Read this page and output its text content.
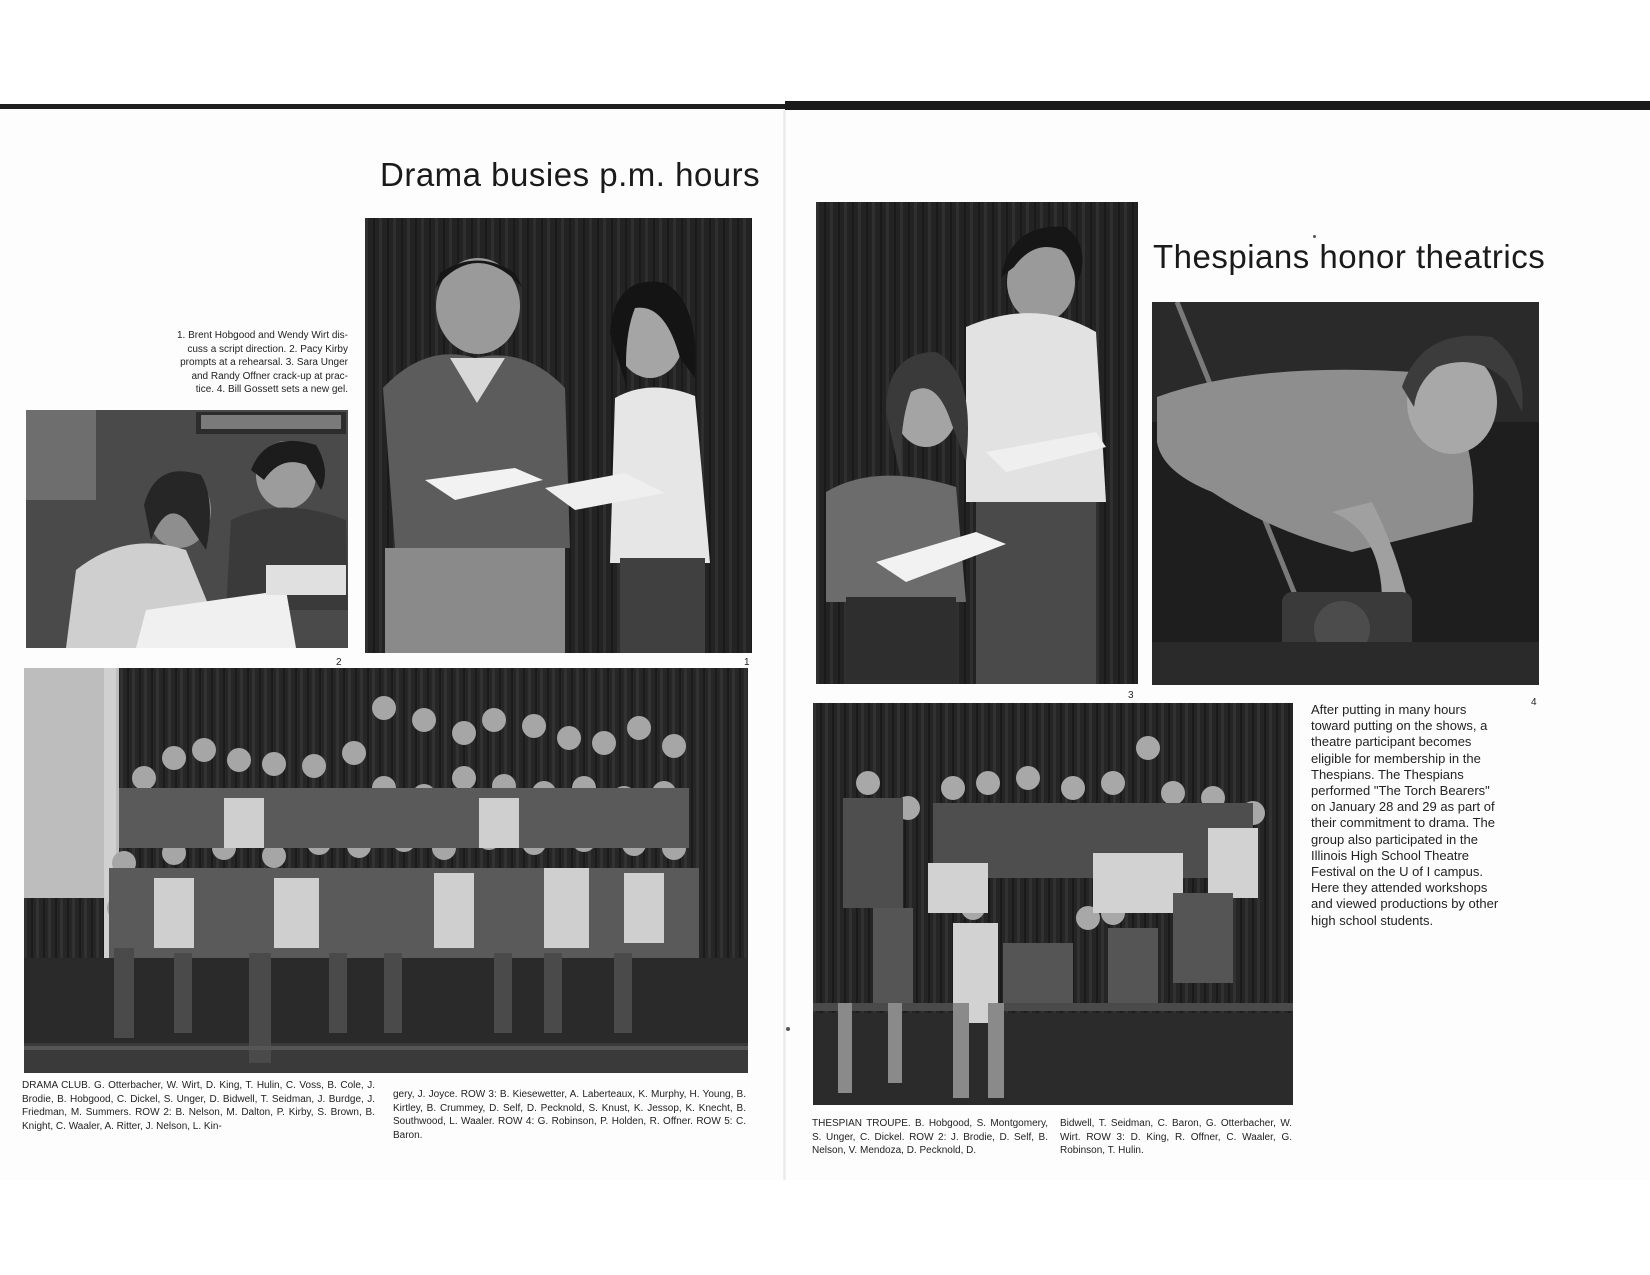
Drama busies p.m. hours
1. Brent Hobgood and Wendy Wirt dis-
cuss a script direction. 2. Pacy Kirby
prompts at a rehearsal. 3. Sara Unger
and Randy Offner crack-up at prac-
tice. 4. Bill Gossett sets a new gel.
1
2
DRAMA CLUB. G. Otterbacher, W. Wirt, D. King, T. Hulin, C. Voss, B. Cole, J. Brodie, B. Hobgood, C. Dickel, S. Unger, D. Bidwell, T. Seidman, J. Burdge, J. Friedman, M. Summers. ROW 2: B. Nelson, M. Dalton, P. Kirby, S. Brown, B. Knight, C. Waaler, A. Ritter, J. Nelson, L. Kin-
gery, J. Joyce. ROW 3: B. Kiesewetter, A. Laberteaux, K. Murphy, H. Young, B. Kirtley, B. Crummey, D. Self, D. Pecknold, S. Knust, K. Jessop, K. Knecht, B. Southwood, L. Waaler. ROW 4: G. Robinson, P. Holden, R. Offner. ROW 5: C. Baron.
Thespians honor theatrics
3
4
After putting in many hours toward putting on the shows, a theatre participant becomes eligible for membership in the Thespians. The Thespians performed "The Torch Bearers" on January 28 and 29 as part of their commitment to drama. The group also participated in the Illinois High School Theatre Festival on the U of I campus. Here they attended workshops and viewed productions by other high school students.
THESPIAN TROUPE. B. Hobgood, S. Montgomery, S. Unger, C. Dickel. ROW 2: J. Brodie, D. Self, B. Nelson, V. Mendoza, D. Pecknold, D.
Bidwell, T. Seidman, C. Baron, G. Otterbacher, W. Wirt. ROW 3: D. King, R. Offner, C. Waaler, G. Robinson, T. Hulin.
